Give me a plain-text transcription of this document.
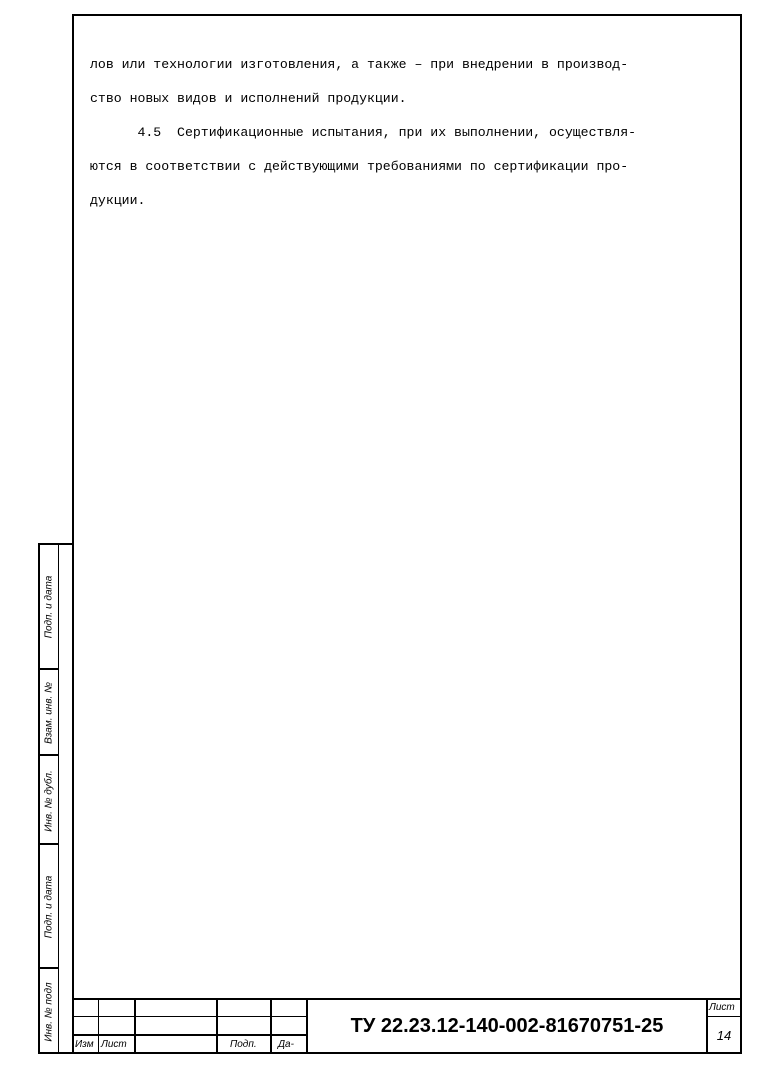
лов или технологии изготовления, а также – при внедрении в производ-

ство новых видов и исполнений продукции.

4.5  Сертификационные испытания, при их выполнении, осуществля-

ются в соответствии с действующими требованиями по сертификации про-

дукции.

Подп. и дата
Взам. инв. №
Инв. № дубл.
Подп. и дата
Инв. № подл
Изм Лист	Подп. Да-
ТУ 22.23.12-140-002-81670751-25
Лист
14
